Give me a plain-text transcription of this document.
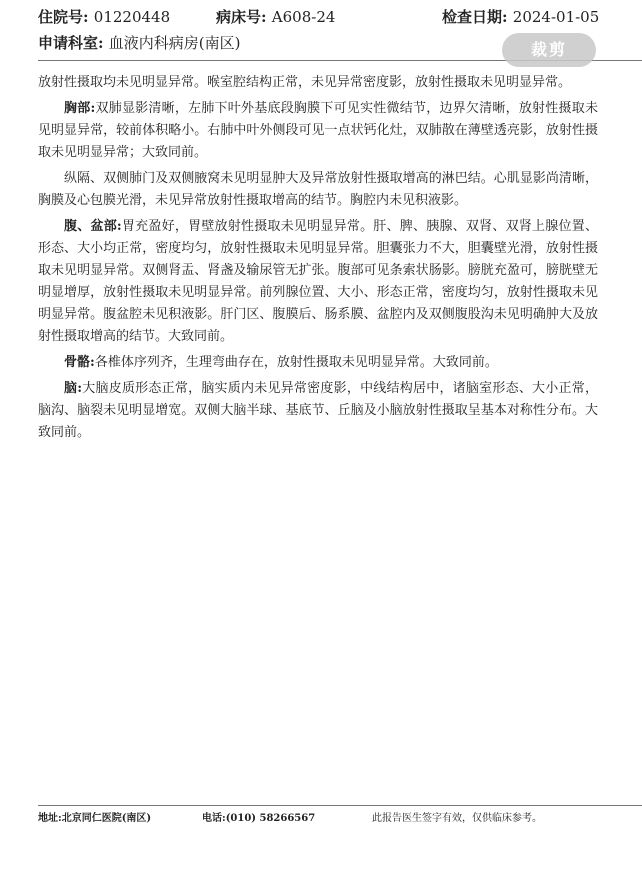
住院号: 01220448	病床号: A608-24	检查日期: 2024-01-05
申请科室: 血液内科病房(南区)	裁剪

放射性摄取均未见明显异常。喉室腔结构正常，未见异常密度影，放射性摄取未见明显异常。

胸部:双肺显影清晰，左肺下叶外基底段胸膜下可见实性微结节，边界欠清晰，放射性摄取未见明显异常，较前体积略小。右肺中叶外侧段可见一点状钙化灶，双肺散在薄壁透亮影，放射性摄取未见明显异常；大致同前。

纵隔、双侧肺门及双侧腋窝未见明显肿大及异常放射性摄取增高的淋巴结。心肌显影尚清晰，胸膜及心包膜光滑，未见异常放射性摄取增高的结节。胸腔内未见积液影。

腹、盆部:胃充盈好，胃壁放射性摄取未见明显异常。肝、脾、胰腺、双肾、双肾上腺位置、形态、大小均正常，密度均匀，放射性摄取未见明显异常。胆囊张力不大，胆囊壁光滑，放射性摄取未见明显异常。双侧肾盂、肾盏及输尿管无扩张。腹部可见条索状肠影。膀胱充盈可，膀胱壁无明显增厚，放射性摄取未见明显异常。前列腺位置、大小、形态正常，密度均匀，放射性摄取未见明显异常。腹盆腔未见积液影。肝门区、腹膜后、肠系膜、盆腔内及双侧腹股沟未见明确肿大及放射性摄取增高的结节。大致同前。

骨骼:各椎体序列齐，生理弯曲存在，放射性摄取未见明显异常。大致同前。

脑:大脑皮质形态正常，脑实质内未见异常密度影，中线结构居中，诸脑室形态、大小正常，脑沟、脑裂未见明显增宽。双侧大脑半球、基底节、丘脑及小脑放射性摄取呈基本对称性分布。大致同前。

地址:北京同仁医院(南区)	电话:(010) 58266567	此报告医生签字有效，仅供临床参考。
